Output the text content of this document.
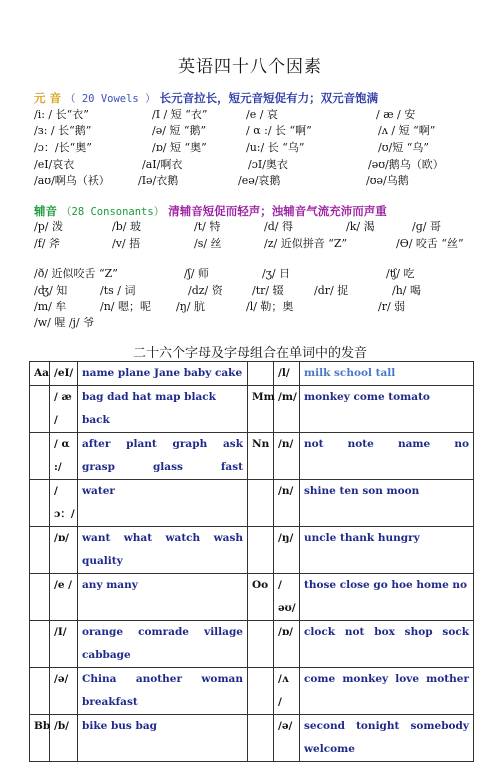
英语四十八个因素
元 音 （ 20 Vowels ） 长元音拉长，短元音短促有力；双元音饱满
/i: / 长“衣”	/I / 短 “衣”	/e / 哀	/ æ / 安
/з: / 长“鹅”	/ə/ 短 “鹅”	/ α :/ 长 “啊”	/ʌ / 短 “啊”
/ɔ：/长“奥”	/ɒ/ 短 “奥”	/u:/ 长 “乌”	/ʊ/短 “乌”
/eI/哀衣	/aI/啊衣	/ɔI/奥衣	/əʊ/鹅乌（欧）
/aʊ/啊乌（袄）	/Iə/衣鹅	/eə/哀鹅	/ʊə/乌鹅
辅音 （28 Consonants） 清辅音短促而轻声；浊辅音气流充沛而声重
/p/ 泼	/b/ 玻	/t/ 特	/d/ 得	/k/ 渴	/g/ 哥
/f/ 斧	/v/ 捂	/s/ 丝	/z/ 近似拼音 “Z”	/Ө/ 咬舌 “丝”
/ð/ 近似咬舌 “Z”	/ʃ/ 师	/ʒ/ 日	/ʧ/ 吃
/ʤ/ 知	/ts / 词	/dz/ 资	/tr/ 辍	/dr/ 捉	/h/ 喝
/m/ 牟	/n/ 嗯；呢 /ŋ/ 肮	/l/ 勒；奥	/r/ 弱
/w/ 喔 /j/ 爷
二十六个字母及字母组合在单词中的发音
Aa	/eI/	name plane Jane baby cake		/l/	milk school tall
	/ æ /	bag dad hat map black back	Mm	/m/	monkey come tomato
	/ α :/	after plant graph ask grasp glass fast	Nn	/n/	not note name no
	/ɔ：/	water		/n/	shine ten son moon
	/ɒ/	want what watch wash quality		/ŋ/	uncle thank hungry
	/e /	any many	Oo	/əʊ/	those close go hoe home no
	/I/	orange comrade village cabbage		/ɒ/	clock not box shop sock
	/ə/	China another woman breakfast		/ʌ /	come monkey love mother
Bb	/b/	bike bus bag		/ə/	second tonight somebody welcome
